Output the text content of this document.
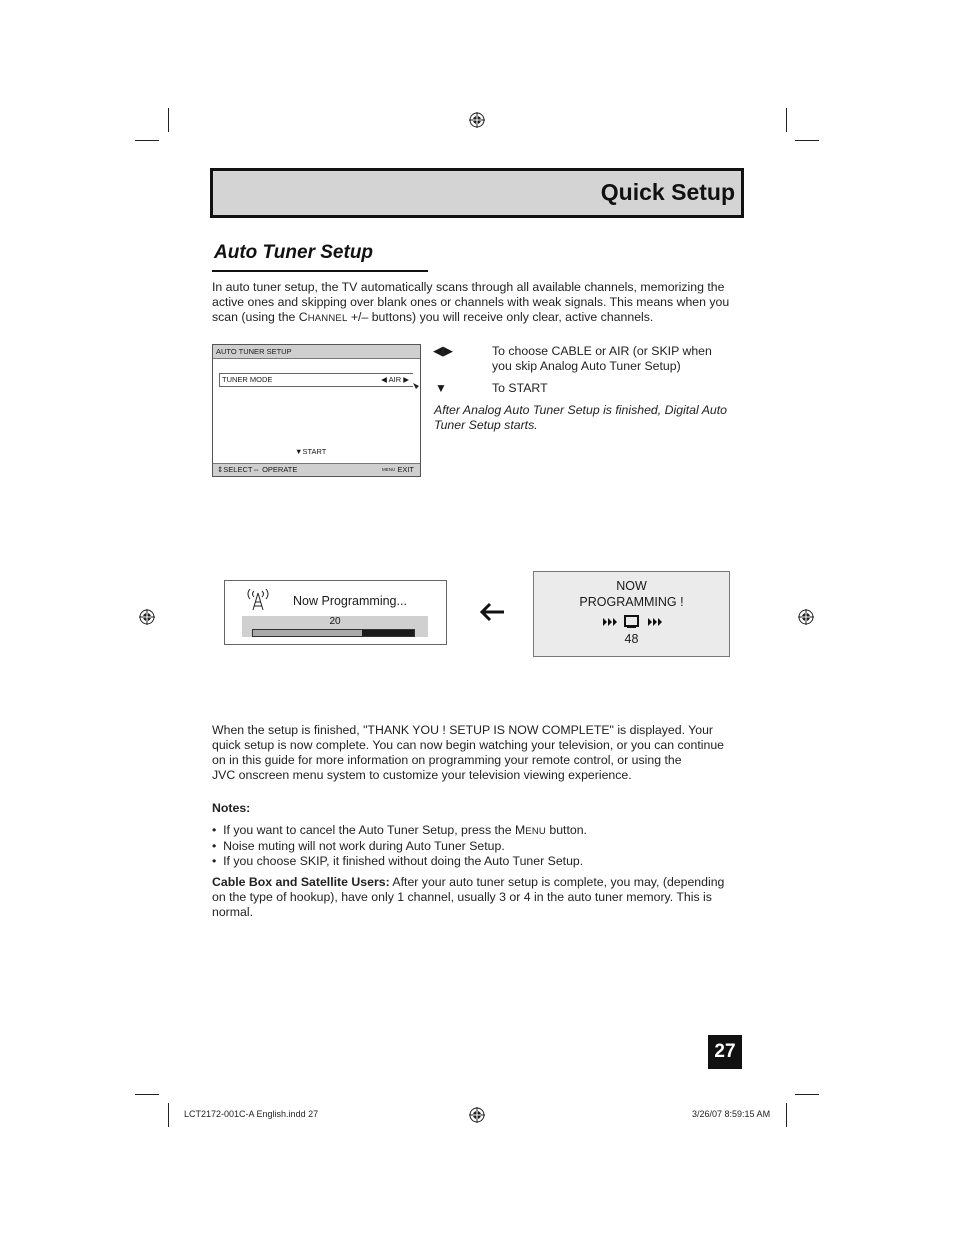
Quick Setup
Auto Tuner Setup
In auto tuner setup, the TV automatically scans through all available channels, memorizing the
active ones and skipping over blank ones or channels with weak signals. This means when you
scan (using the CHANNEL +/– buttons) you will receive only clear, active channels.
AUTO TUNER SETUP
TUNER MODE	◀︎ AIR ▶︎
▼︎START
⇕SELECT⇔ OPERATE	MENU EXIT
◀︎▶︎	To choose CABLE or AIR (or SKIP when
you skip Analog Auto Tuner Setup)
▼︎	To START
After Analog Auto Tuner Setup is finished, Digital Auto
Tuner Setup starts.
Now Programming...
20
NOW
PROGRAMMING !
48
When the setup is finished, "THANK YOU ! SETUP IS NOW COMPLETE" is displayed. Your
quick setup is now complete. You can now begin watching your television, or you can continue
on in this guide for more information on programming your remote control, or using the
JVC onscreen menu system to customize your television viewing experience.
Notes:
•  If you want to cancel the Auto Tuner Setup, press the MENU button.
•  Noise muting will not work during Auto Tuner Setup.
•  If you choose SKIP, it finished without doing the Auto Tuner Setup.
Cable Box and Satellite Users: After your auto tuner setup is complete, you may, (depending
on the type of hookup), have only 1 channel, usually 3 or 4 in the auto tuner memory. This is
normal.
27
LCT2172-001C-A English.indd 27	3/26/07 8:59:15 AM
